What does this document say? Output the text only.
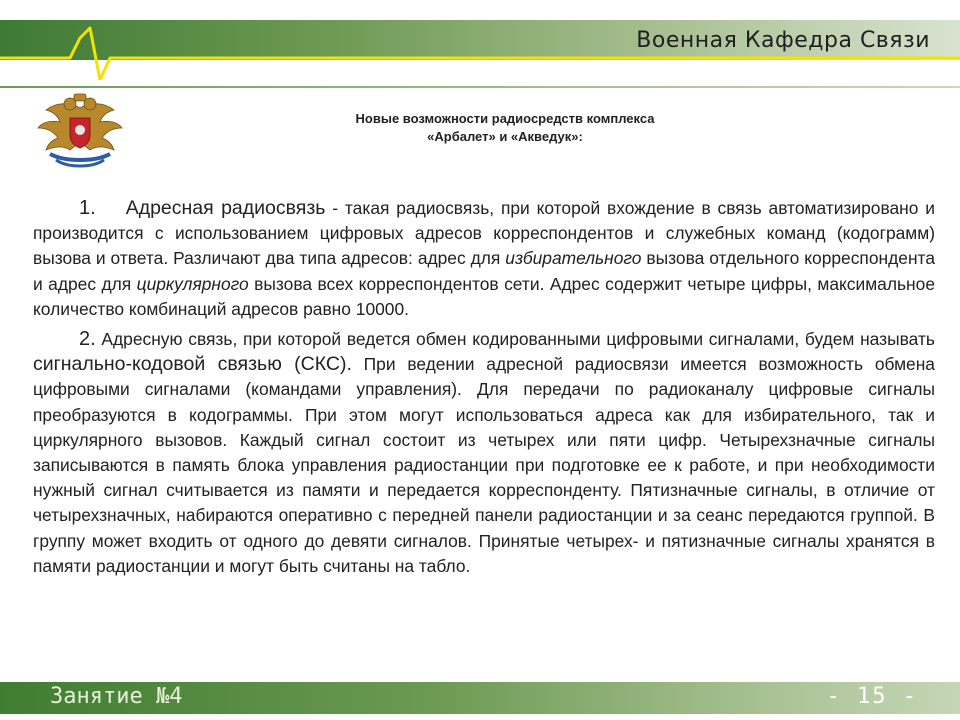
Военная Кафедра Связи
Новые возможности радиосредств комплекса
«Арбалет» и «Акведук»:

1. Адресная радиосвязь - такая радиосвязь, при которой вхождение в связь автоматизировано и производится с использованием цифровых адресов корреспондентов и служебных команд (кодограмм) вызова и ответа. Различают два типа адресов: адрес для избирательного вызова отдельного корреспондента и адрес для циркулярного вызова всех корреспондентов сети. Адрес содержит четыре цифры, максимальное количество комбинаций адресов равно 10000.

2. Адресную связь, при которой ведется обмен кодированными цифровыми сигналами, будем называть сигнально-кодовой связью (СКС). При ведении адресной радиосвязи имеется возможность обмена цифровыми сигналами (командами управления). Для передачи по радиоканалу цифровые сигналы преобразуются в кодограммы. При этом могут использоваться адреса как для избирательного, так и циркулярного вызовов. Каждый сигнал состоит из четырех или пяти цифр. Четырехзначные сигналы записываются в память блока управления радиостанции при подготовке ее к работе, и при необходимости нужный сигнал считывается из памяти и передается корреспонденту. Пятизначные сигналы, в отличие от четырехзначных, набираются оперативно с передней панели радиостанции и за сеанс передаются группой. В группу может входить от одного до девяти сигналов. Принятые четырех- и пятизначные сигналы хранятся в памяти радиостанции и могут быть считаны на табло.

Занятие №4	- 15 -
